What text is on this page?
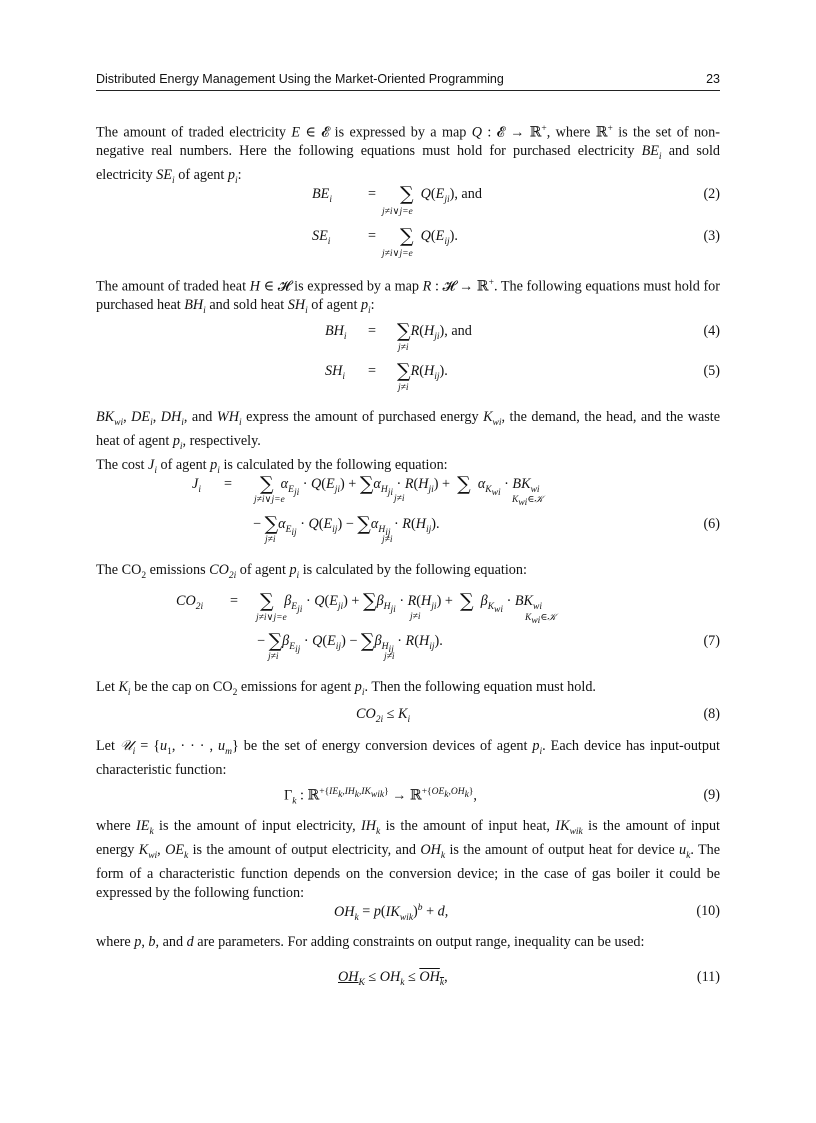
Distributed Energy Management Using the Market-Oriented Programming	23

The amount of traded electricity E ∈ 𝓔 is expressed by a map Q : 𝓔 → ℝ+, where ℝ+ is the set of non-negative real numbers. Here the following equations must hold for purchased electricity $BE_i$ and sold electricity $SE_i$ of agent $p_i$:

$BE_i$	= ∑ $Q(E_{ji})$, and
j≠i∨j=e
(2)
$SE_i$	= ∑ $Q(E_{ij})$.
j≠i∨j=e
(3)

The amount of traded heat H ∈ 𝓗 is expressed by a map R : 𝓗 → ℝ+. The following equations must hold for purchased heat $BH_i$ and sold heat $SH_i$ of agent $p_i$:

$BH_i = \sum R(H_{ji})$, and
j≠i
(4)
$SH_i = \sum R(H_{ij})$.
j≠i
(5)

$BK_{wi}$, $DE_i$, $DH_i$, and $WH_i$ express the amount of purchased energy $K_{wi}$, the demand, the head, and the waste heat of agent $p_i$, respectively.
The cost $J_i$ of agent $p_i$ is calculated by the following equation:

$J_i$ = ∑ $\alpha_{E_{ji}} \cdot Q(E_{ji}) + \sum\alpha_{H_{ji}} \cdot R(H_{ji})$ +  ∑ $\alpha_{K_{wi}} \cdot BK_{wi}$
j≠i∨j=e	j≠i	$K_{wi}\in 𝒦$
− $\sum\alpha_{E_{ij}} \cdot Q(E_{ij}) - \sum\alpha_{H_{ij}} \cdot R(H_{ij})$.
j≠i	j≠i
(6)

The $CO_2$ emissions $CO_{2i}$ of agent $p_i$ is calculated by the following equation:

$CO_{2i}$ = ∑ $\beta_{E_{ji}} \cdot Q(E_{ji}) + \sum\beta_{H_{ji}} \cdot R(H_{ji})$ +  ∑ $\beta_{K_{wi}} \cdot BK_{wi}$
j≠i∨j=e	j≠i	$K_{wi}\in 𝒦$
− $\sum\beta_{E_{ij}} \cdot Q(E_{ij}) - \sum\beta_{H_{ij}} \cdot R(H_{ij})$.
j≠i	j≠i
(7)

Let $K_i$ be the cap on $CO_2$ emissions for agent $p_i$. Then the following equation must hold.

$CO_{2i} \le K_i$	(8)

Let 𝒰$_i$ = {$u_1$, · · · , $u_m$} be the set of energy conversion devices of agent $p_i$. Each device has input-output characteristic function:

$\Gamma_k$ : ℝ$^{+\{IE_k,IH_k,IK_{wik}\}}$ → ℝ$^{+\{OE_k,OH_k\}}$,	(9)

where $IE_k$ is the amount of input electricity, $IH_k$ is the amount of input heat, $IK_{wik}$ is the amount of input energy $K_{wi}$, $OE_k$ is the amount of output electricity, and $OH_k$ is the amount of output heat for device $u_k$. The form of a characteristic function depends on the conversion device; in the case of gas boiler it could be expressed by the following function:

$OH_k = p(IK_{wik})^b + d$,	(10)

where p, b, and d are parameters. For adding constraints on output range, inequality can be used:

$OH_K \le OH_k \le OH_k$,	(11)
